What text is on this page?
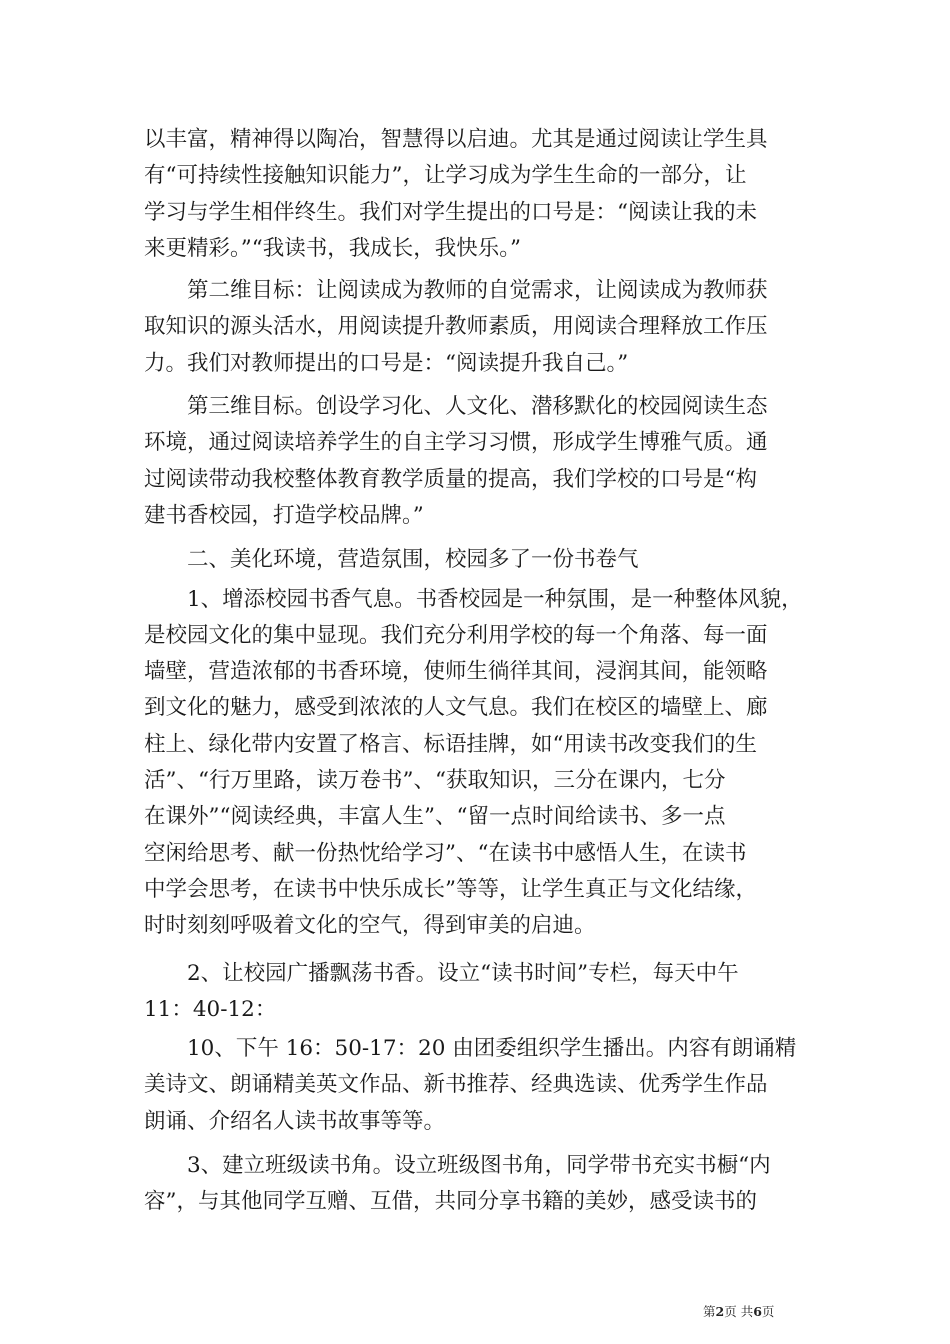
以丰富，精神得以陶冶，智慧得以启迪。尤其是通过阅读让学生具
有“可持续性接触知识能力”，让学习成为学生生命的一部分，让
学习与学生相伴终生。我们对学生提出的口号是：“阅读让我的未
来更精彩。”“我读书，我成长，我快乐。”
第二维目标：让阅读成为教师的自觉需求，让阅读成为教师获
取知识的源头活水，用阅读提升教师素质，用阅读合理释放工作压
力。我们对教师提出的口号是：“阅读提升我自己。”
第三维目标。创设学习化、人文化、潜移默化的校园阅读生态
环境，通过阅读培养学生的自主学习习惯，形成学生博雅气质。通
过阅读带动我校整体教育教学质量的提高，我们学校的口号是“构
建书香校园，打造学校品牌。”
二、美化环境，营造氛围，校园多了一份书卷气
1、增添校园书香气息。书香校园是一种氛围，是一种整体风貌，
是校园文化的集中显现。我们充分利用学校的每一个角落、每一面
墙壁，营造浓郁的书香环境，使师生徜徉其间，浸润其间，能领略
到文化的魅力，感受到浓浓的人文气息。我们在校区的墙壁上、廊
柱上、绿化带内安置了格言、标语挂牌，如“用读书改变我们的生
活”、“行万里路，读万卷书”、“获取知识，三分在课内，七分
在课外”“阅读经典，丰富人生”、“留一点时间给读书、多一点
空闲给思考、献一份热忱给学习”、“在读书中感悟人生，在读书
中学会思考，在读书中快乐成长”等等，让学生真正与文化结缘，
时时刻刻呼吸着文化的空气，得到审美的启迪。
2、让校园广播飘荡书香。设立“读书时间”专栏，每天中午
11：40-12：
10、下午 16：50-17：20 由团委组织学生播出。内容有朗诵精
美诗文、朗诵精美英文作品、新书推荐、经典选读、优秀学生作品
朗诵、介绍名人读书故事等等。
3、建立班级读书角。设立班级图书角，同学带书充实书橱“内
容”，与其他同学互赠、互借，共同分享书籍的美妙，感受读书的
第2页 共6页
